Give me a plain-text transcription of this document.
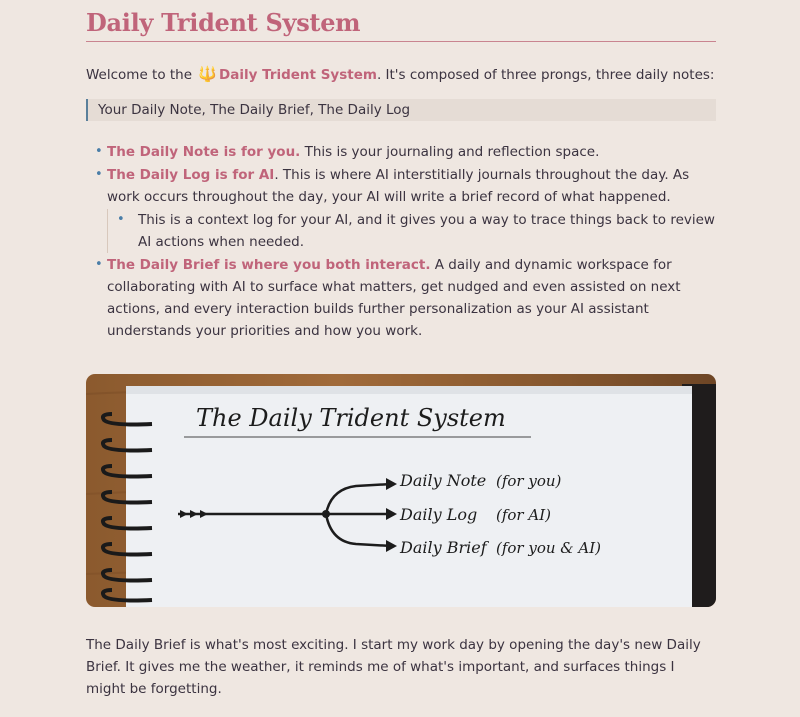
Daily Trident System

Welcome to the 🔱 Daily Trident System. It's composed of three prongs, three daily notes:

Your Daily Note, The Daily Brief, The Daily Log
• The Daily Note is for you. This is your journaling and reflection space.
• The Daily Log is for AI. This is where AI interstitially journals throughout the day. As work occurs throughout the day, your AI will write a brief record of what happened.
• This is a context log for your AI, and it gives you a way to trace things back to review AI actions when needed.
• The Daily Brief is where you both interact. A daily and dynamic workspace for collaborating with AI to surface what matters, get nudged and even assisted on next actions, and every interaction builds further personalization as your AI assistant understands your priorities and how you work.
The Daily Trident System
Daily Note (for you)
Daily Log (for AI)
Daily Brief (for you & AI)

The Daily Brief is what's most exciting. I start my work day by opening the day's new Daily Brief. It gives me the weather, it reminds me of what's important, and surfaces things I might be forgetting.
